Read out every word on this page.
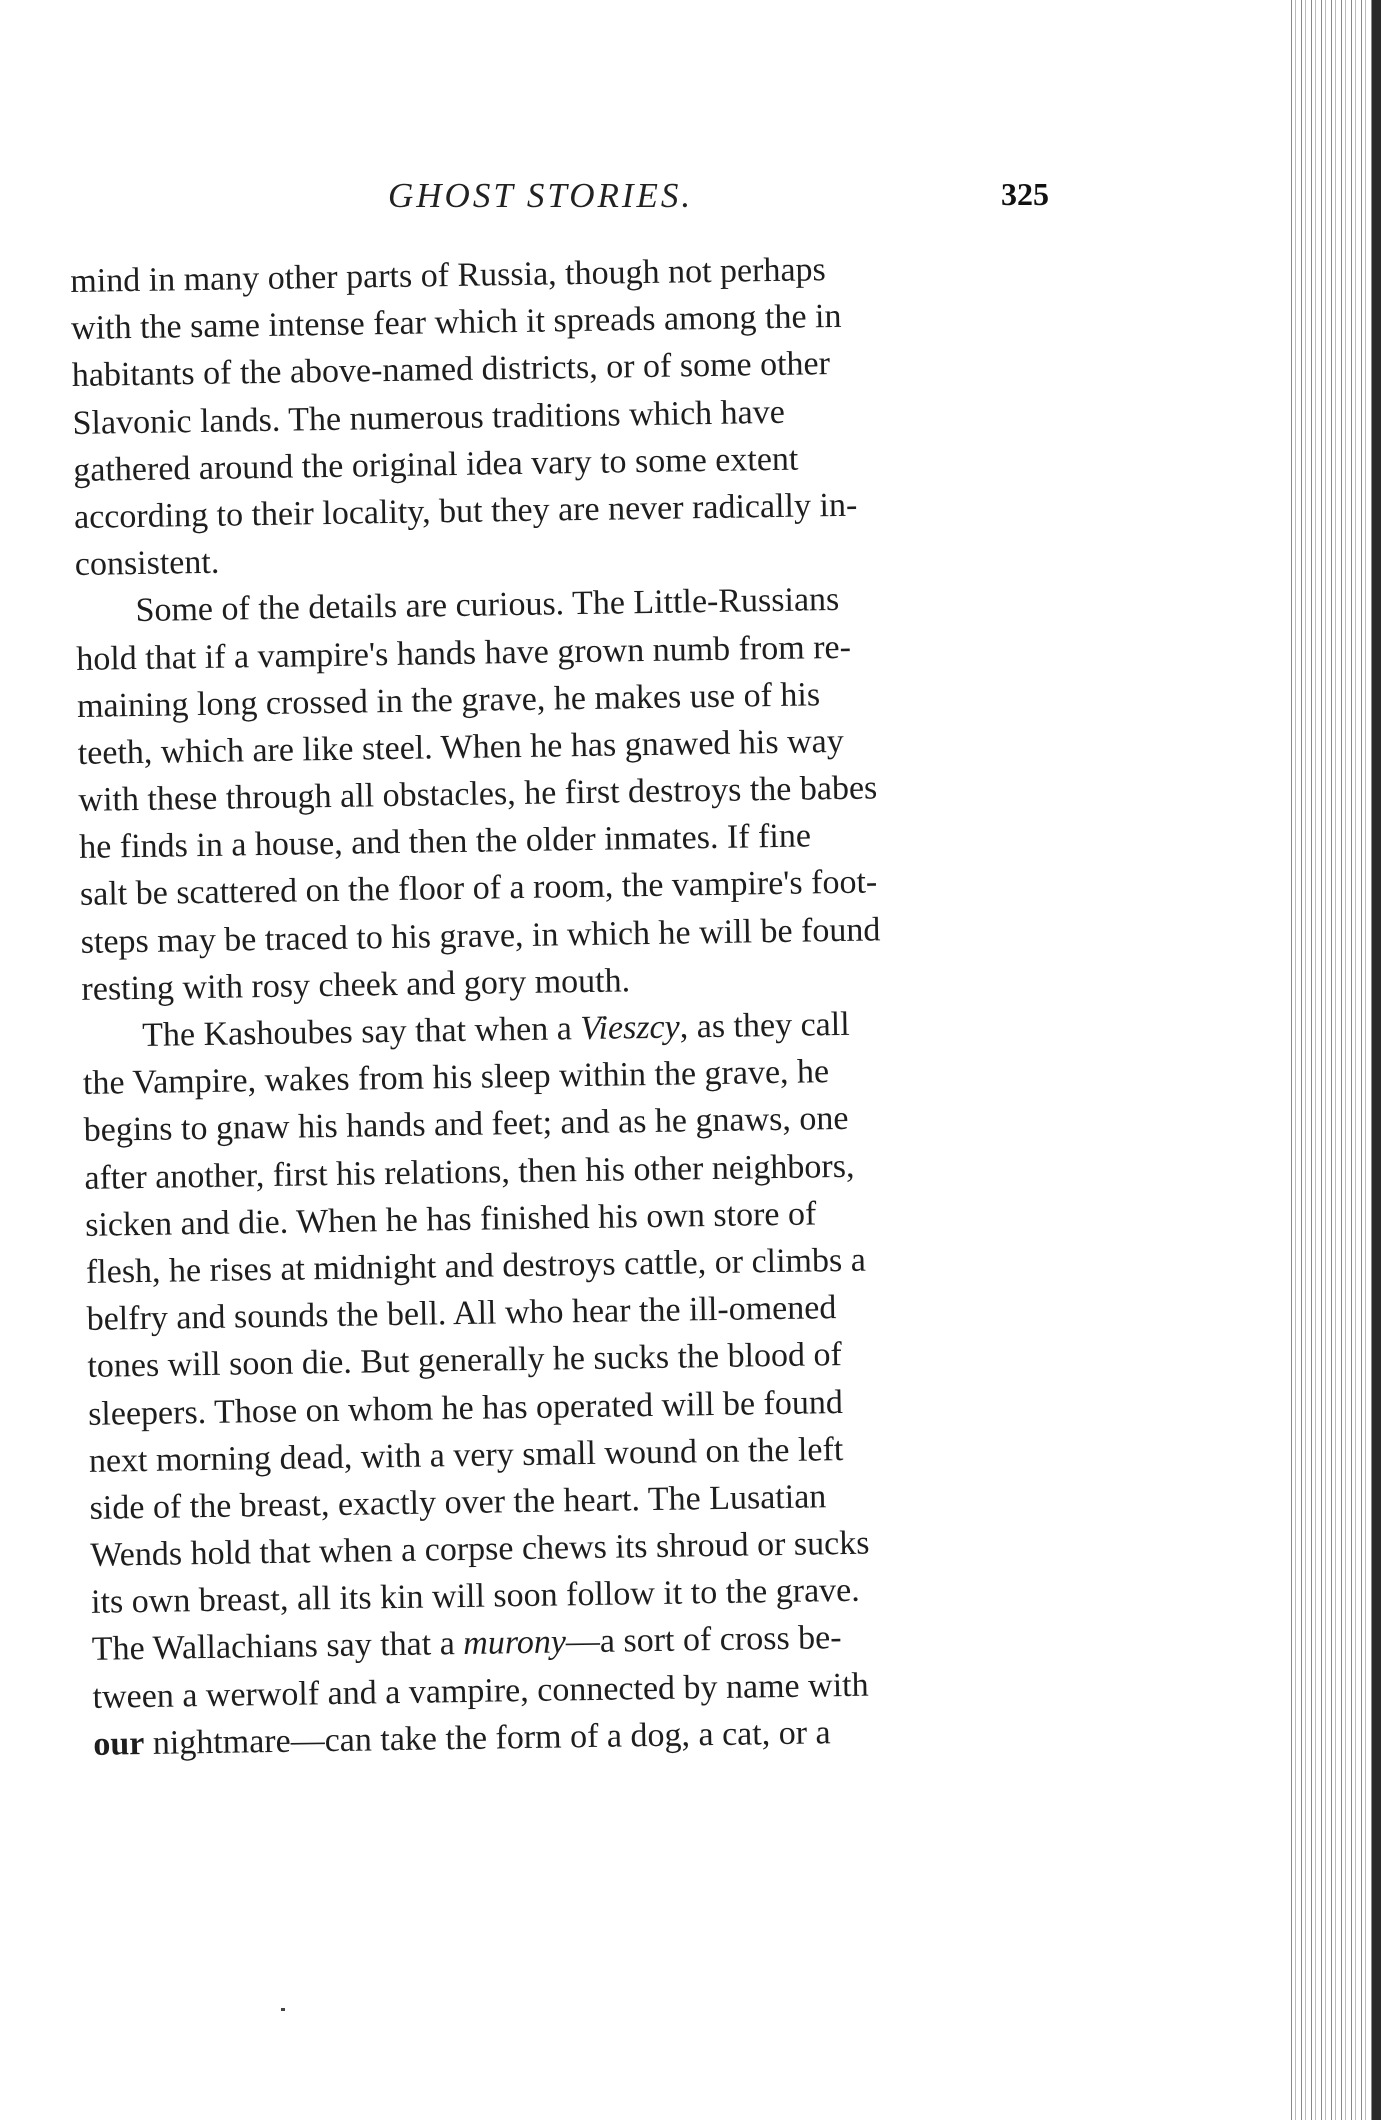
GHOST STORIES.	325
mind in many other parts of Russia, though not perhaps
with the same intense fear which it spreads among the in
habitants of the above-named districts, or of some other
Slavonic lands. The numerous traditions which have
gathered around the original idea vary to some extent
according to their locality, but they are never radically in-
consistent.
Some of the details are curious. The Little-Russians
hold that if a vampire's hands have grown numb from re-
maining long crossed in the grave, he makes use of his
teeth, which are like steel. When he has gnawed his way
with these through all obstacles, he first destroys the babes
he finds in a house, and then the older inmates. If fine
salt be scattered on the floor of a room, the vampire's foot-
steps may be traced to his grave, in which he will be found
resting with rosy cheek and gory mouth.
The Kashoubes say that when a Vieszcy, as they call
the Vampire, wakes from his sleep within the grave, he
begins to gnaw his hands and feet; and as he gnaws, one
after another, first his relations, then his other neighbors,
sicken and die. When he has finished his own store of
flesh, he rises at midnight and destroys cattle, or climbs a
belfry and sounds the bell. All who hear the ill-omened
tones will soon die. But generally he sucks the blood of
sleepers. Those on whom he has operated will be found
next morning dead, with a very small wound on the left
side of the breast, exactly over the heart. The Lusatian
Wends hold that when a corpse chews its shroud or sucks
its own breast, all its kin will soon follow it to the grave.
The Wallachians say that a murony—a sort of cross be-
tween a werwolf and a vampire, connected by name with
our nightmare—can take the form of a dog, a cat, or a
